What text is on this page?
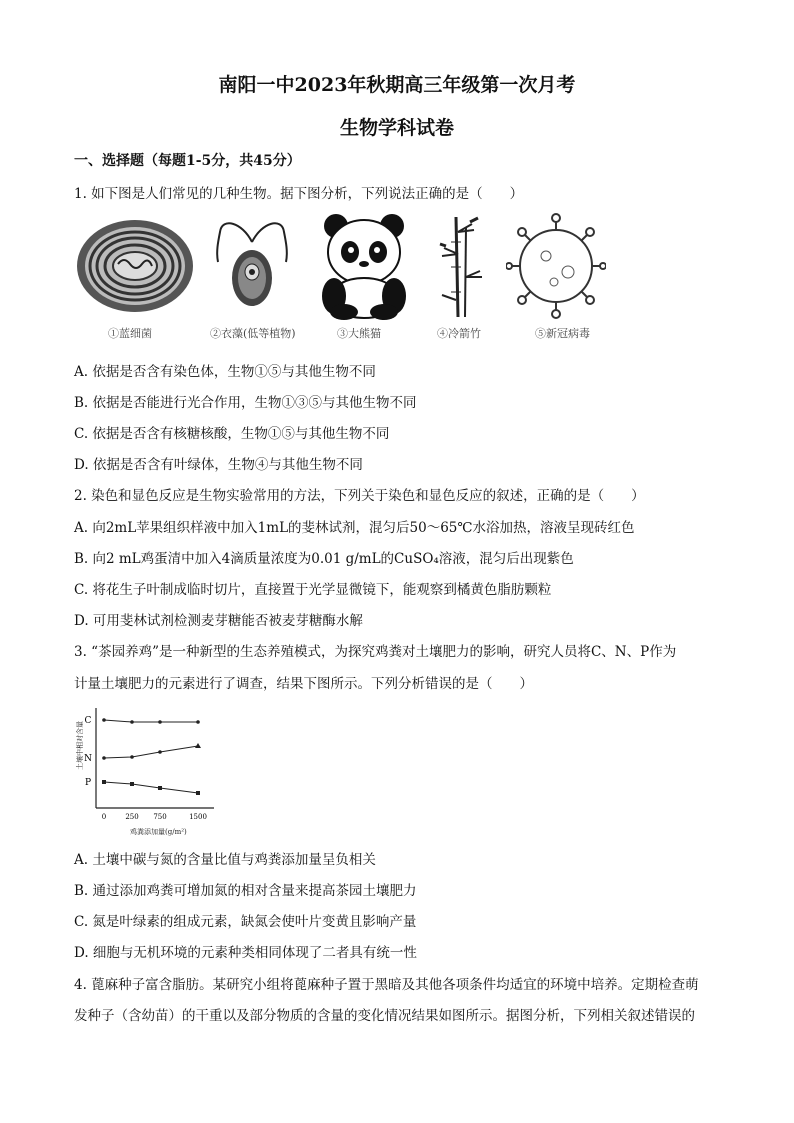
南阳一中2023年秋期高三年级第一次月考
生物学科试卷
一、选择题（每题1-5分，共45分）
1. 如下图是人们常见的几种生物。据下图分析，下列说法正确的是（　　）
①蓝细菌	②衣藻(低等植物)	③大熊猫	④冷箭竹	⑤新冠病毒
A. 依据是否含有染色体，生物①⑤与其他生物不同
B. 依据是否能进行光合作用，生物①③⑤与其他生物不同
C. 依据是否含有核糖核酸，生物①⑤与其他生物不同
D. 依据是否含有叶绿体，生物④与其他生物不同
2. 染色和显色反应是生物实验常用的方法，下列关于染色和显色反应的叙述，正确的是（　　）
A. 向2mL苹果组织样液中加入1mL的斐林试剂，混匀后50～65℃水浴加热，溶液呈现砖红色
B. 向2 mL鸡蛋清中加入4滴质量浓度为0.01 g/mL的CuSO₄溶液，混匀后出现紫色
C. 将花生子叶制成临时切片，直接置于光学显微镜下，能观察到橘黄色脂肪颗粒
D. 可用斐林试剂检测麦芽糖能否被麦芽糖酶水解
3. “茶园养鸡”是一种新型的生态养殖模式，为探究鸡粪对土壤肥力的影响，研究人员将C、N、P作为
计量土壤肥力的元素进行了调查，结果下图所示。下列分析错误的是（　　）
土壤中相对含量
鸡粪添加量(g/m²)
0	250 750	1500
C
N
P
A. 土壤中碳与氮的含量比值与鸡粪添加量呈负相关
B. 通过添加鸡粪可增加氮的相对含量来提高茶园土壤肥力
C. 氮是叶绿素的组成元素，缺氮会使叶片变黄且影响产量
D. 细胞与无机环境的元素种类相同体现了二者具有统一性
4. 蓖麻种子富含脂肪。某研究小组将蓖麻种子置于黑暗及其他各项条件均适宜的环境中培养。定期检查萌
发种子（含幼苗）的干重以及部分物质的含量的变化情况结果如图所示。据图分析，下列相关叙述错误的
